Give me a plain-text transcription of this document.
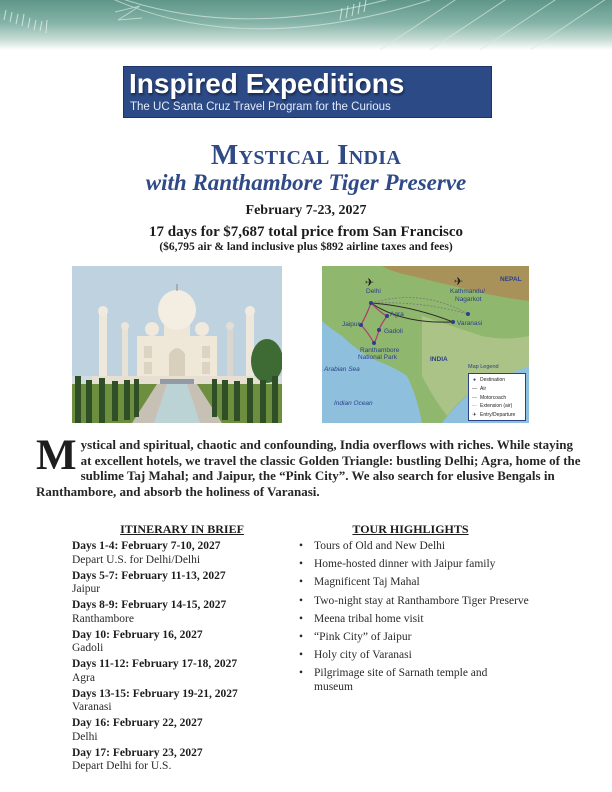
Inspired Expeditions
The UC Santa Cruz Travel Program for the Curious
Mystical India
with Ranthambore Tiger Preserve
February 7-23, 2027
17 days for $7,687 total price from San Francisco
($6,795 air & land inclusive plus $892 airline taxes and fees)
✈	✈
Delhi	Kathmandu/
Nagarkot
NEPAL
Agra
Jaipur
Gadoli
Varanasi
Ranthambore
National Park	INDIA
Arabian Sea
Indian Ocean
Map Legend
● Destination
— Air
— Motorcoach
--- Extension (air)
✈ Entry/Departure
Mystical and spiritual, chaotic and confounding, India overflows with riches. While staying at excellent hotels, we travel the classic Golden Triangle: bustling Delhi; Agra, home of the sublime Taj Mahal; and Jaipur, the “Pink City”. We also search for elusive Bengals in Ranthambore, and absorb the holiness of Varanasi.
ITINERARY IN BRIEF
Days 1-4: February 7-10, 2027
Depart U.S. for Delhi/Delhi
Days 5-7: February 11-13, 2027
Jaipur
Days 8-9: February 14-15, 2027
Ranthambore
Day 10: February 16, 2027
Gadoli
Days 11-12: February 17-18, 2027
Agra
Days 13-15: February 19-21, 2027
Varanasi
Day 16: February 22, 2027
Delhi
Day 17: February 23, 2027
Depart Delhi for U.S.
TOUR HIGHLIGHTS
• Tours of Old and New Delhi
• Home-hosted dinner with Jaipur family
• Magnificent Taj Mahal
• Two-night stay at Ranthambore Tiger Preserve
• Meena tribal home visit
• “Pink City” of Jaipur
• Holy city of Varanasi
• Pilgrimage site of Sarnath temple and museum
